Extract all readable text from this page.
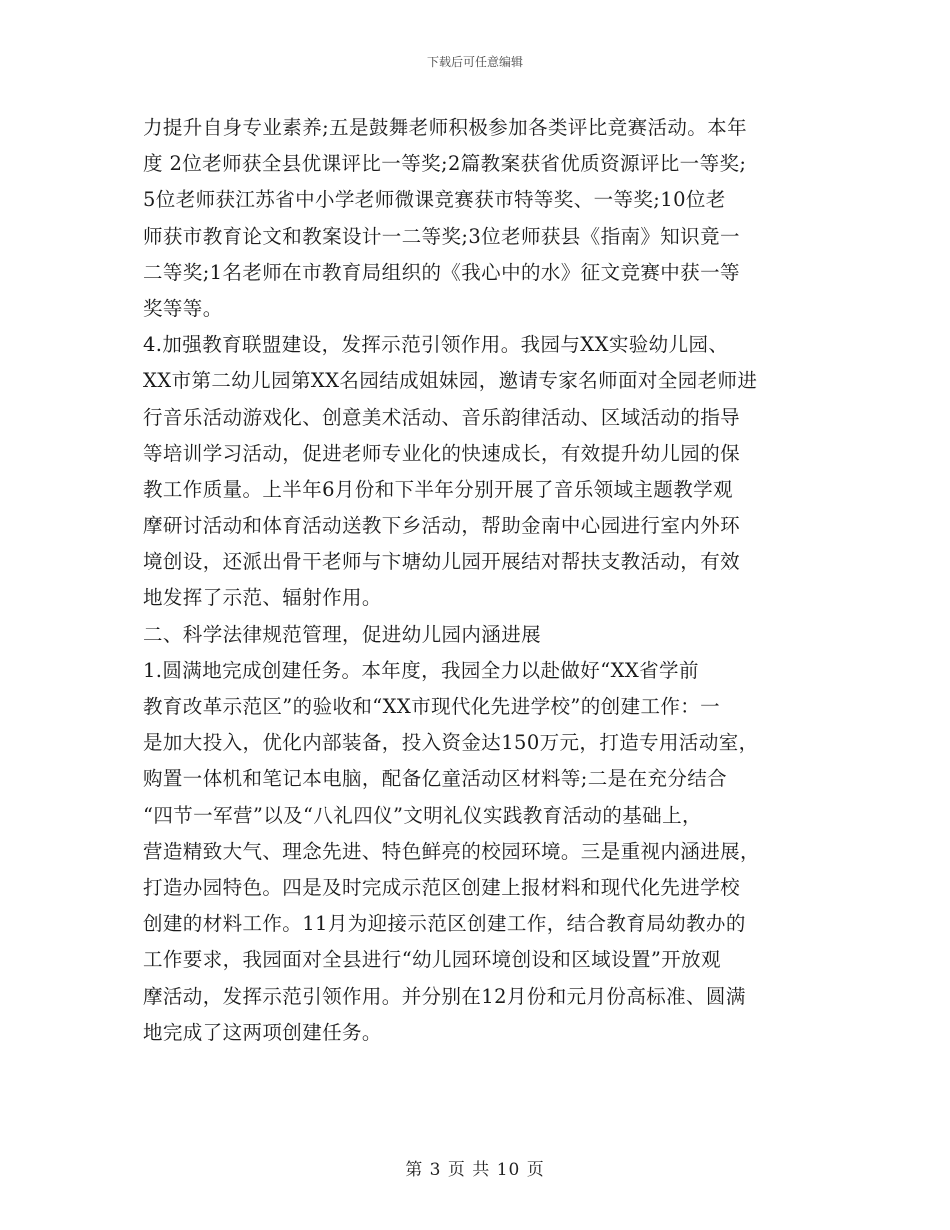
下载后可任意编辑
力提升自身专业素养;五是鼓舞老师积极参加各类评比竞赛活动。本年
度 2位老师获全县优课评比一等奖;2篇教案获省优质资源评比一等奖;
5位老师获江苏省中小学老师微课竞赛获市特等奖、一等奖;10位老
师获市教育论文和教案设计一二等奖;3位老师获县《指南》知识竟一
二等奖;1名老师在市教育局组织的《我心中的水》征文竞赛中获一等
奖等等。
4.加强教育联盟建设，发挥示范引领作用。我园与XX实验幼儿园、
XX市第二幼儿园第XX名园结成姐妹园，邀请专家名师面对全园老师进
行音乐活动游戏化、创意美术活动、音乐韵律活动、区域活动的指导
等培训学习活动，促进老师专业化的快速成长，有效提升幼儿园的保
教工作质量。上半年6月份和下半年分别开展了音乐领域主题教学观
摩研讨活动和体育活动送教下乡活动，帮助金南中心园进行室内外环
境创设，还派出骨干老师与卞塘幼儿园开展结对帮扶支教活动，有效
地发挥了示范、辐射作用。
二、科学法律规范管理，促进幼儿园内涵进展
1.圆满地完成创建任务。本年度，我园全力以赴做好“XX省学前
教育改革示范区”的验收和“XX市现代化先进学校”的创建工作：一
是加大投入，优化内部装备，投入资金达150万元，打造专用活动室，
购置一体机和笔记本电脑，配备亿童活动区材料等;二是在充分结合
“四节一军营”以及“八礼四仪”文明礼仪实践教育活动的基础上，
营造精致大气、理念先进、特色鲜亮的校园环境。三是重视内涵进展，
打造办园特色。四是及时完成示范区创建上报材料和现代化先进学校
创建的材料工作。11月为迎接示范区创建工作，结合教育局幼教办的
工作要求，我园面对全县进行“幼儿园环境创设和区域设置”开放观
摩活动，发挥示范引领作用。并分别在12月份和元月份高标准、圆满
地完成了这两项创建任务。
第 3 页 共 10 页
